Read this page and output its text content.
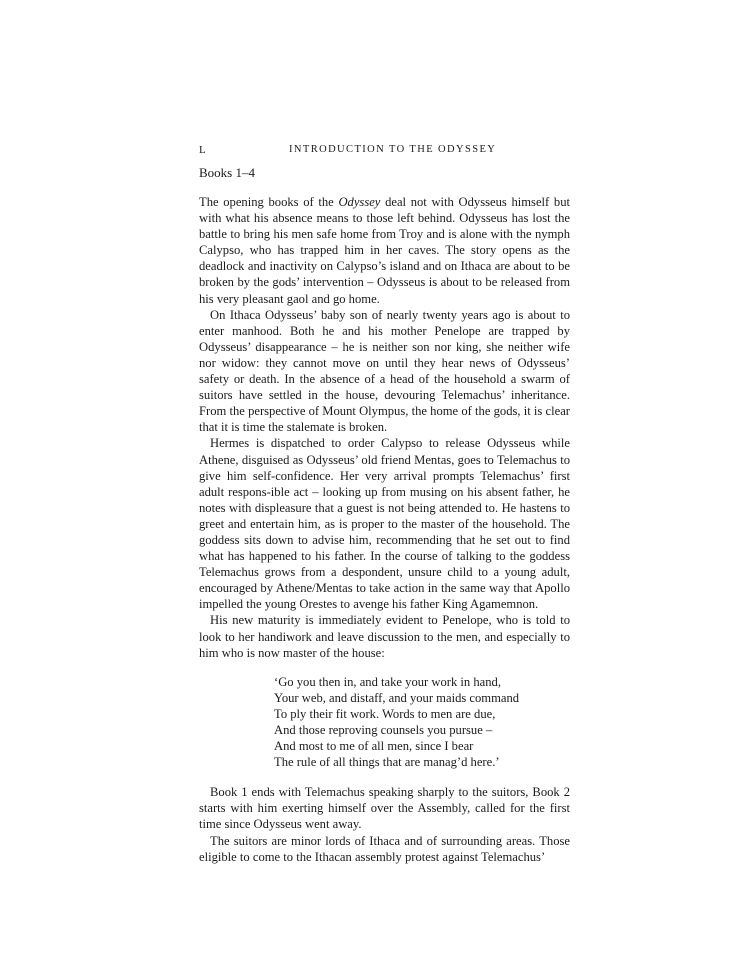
L	INTRODUCTION TO THE ODYSSEY
Books 1–4

The opening books of the Odyssey deal not with Odysseus himself but with what his absence means to those left behind. Odysseus has lost the battle to bring his men safe home from Troy and is alone with the nymph Calypso, who has trapped him in her caves. The story opens as the deadlock and inactivity on Calypso’s island and on Ithaca are about to be broken by the gods’ intervention – Odysseus is about to be released from his very pleasant gaol and go home.

On Ithaca Odysseus’ baby son of nearly twenty years ago is about to enter manhood. Both he and his mother Penelope are trapped by Odysseus’ disappearance – he is neither son nor king, she neither wife nor widow: they cannot move on until they hear news of Odysseus’ safety or death. In the absence of a head of the household a swarm of suitors have settled in the house, devouring Telemachus’ inheritance. From the perspective of Mount Olympus, the home of the gods, it is clear that it is time the stalemate is broken.

Hermes is dispatched to order Calypso to release Odysseus while Athene, disguised as Odysseus’ old friend Mentas, goes to Telemachus to give him self-confidence. Her very arrival prompts Telemachus’ first adult respons-ible act – looking up from musing on his absent father, he notes with displeasure that a guest is not being attended to. He hastens to greet and entertain him, as is proper to the master of the household. The goddess sits down to advise him, recommending that he set out to find what has happened to his father. In the course of talking to the goddess Telemachus grows from a despondent, unsure child to a young adult, encouraged by Athene/Mentas to take action in the same way that Apollo impelled the young Orestes to avenge his father King Agamemnon.

His new maturity is immediately evident to Penelope, who is told to look to her handiwork and leave discussion to the men, and especially to him who is now master of the house:

‘Go you then in, and take your work in hand,
Your web, and distaff, and your maids command
To ply their fit work. Words to men are due,
And those reproving counsels you pursue –
And most to me of all men, since I bear
The rule of all things that are manag’d here.’

Book 1 ends with Telemachus speaking sharply to the suitors, Book 2 starts with him exerting himself over the Assembly, called for the first time since Odysseus went away.

The suitors are minor lords of Ithaca and of surrounding areas. Those eligible to come to the Ithacan assembly protest against Telemachus’
